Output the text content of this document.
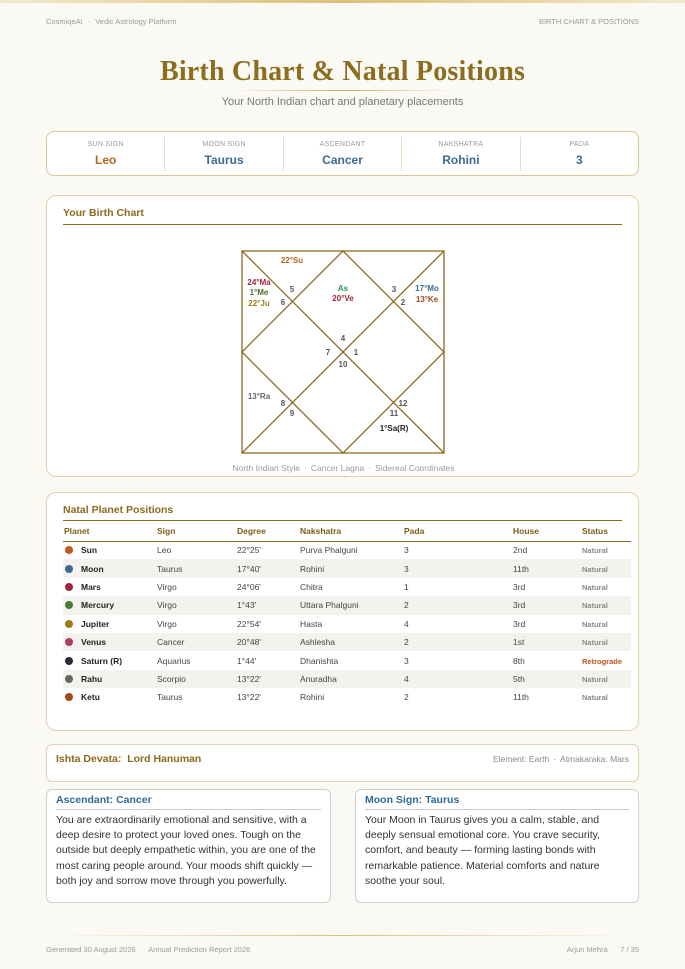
CosmiqeAI · Vedic Astrology Platform	BIRTH CHART & POSITIONS
Birth Chart & Natal Positions
Your North Indian chart and planetary placements
SUN SIGN
Leo
MOON SIGN
Taurus
ASCENDANT
Cancer
NAKSHATRA
Rohini
PADA
3
Your Birth Chart
4
3
2
1
12
11
10
9
8
7
6
5
22°Su
24°Ma
1°Me
22°Ju
As
20°Ve
17°Mo
13°Ke
13°Ra
1°Sa(R)
North Indian Style · Cancer Lagna · Sidereal Coordinates
Natal Planet Positions
Planet	Sign	Degree	Nakshatra	Pada	House	Status
Sun	Leo	22°25'	Purva Phalguni	3	2nd	Natural
Moon	Taurus	17°40'	Rohini	3	11th	Natural
Mars	Virgo	24°06'	Chitra	1	3rd	Natural
Mercury	Virgo	1°43'	Uttara Phalguni	2	3rd	Natural
Jupiter	Virgo	22°54'	Hasta	4	3rd	Natural
Venus	Cancer	20°48'	Ashlesha	2	1st	Natural
Saturn (R)	Aquarius	1°44'	Dhanishta	3	8th	Retrograde
Rahu	Scorpio	13°22'	Anuradha	4	5th	Natural
Ketu	Taurus	13°22'	Rohini	2	11th	Natural
Ishta Devata: Lord Hanuman	Element: Earth · Atmakaraka: Mars
Ascendant: Cancer

You are extraordinarily emotional and sensitive, with a deep desire to protect your loved ones. Tough on the outside but deeply empathetic within, you are one of the most caring people around. Your moods shift quickly — both joy and sorrow move through you powerfully.

Moon Sign: Taurus

Your Moon in Taurus gives you a calm, stable, and deeply sensual emotional core. You crave security, comfort, and beauty — forming lasting bonds with remarkable patience. Material comforts and nature soothe your soul.

Generated 30 August 2026 · Annual Prediction Report 2026	Arjun Mehra · 7 / 35
